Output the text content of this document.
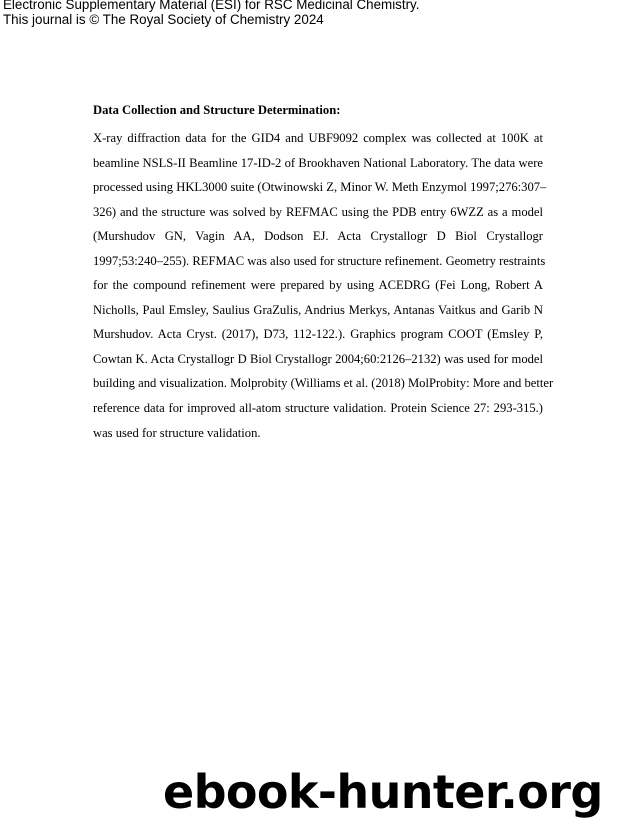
Electronic Supplementary Material (ESI) for RSC Medicinal Chemistry.
This journal is © The Royal Society of Chemistry 2024
Data Collection and Structure Determination:
X-ray diffraction data for the GID4 and UBF9092 complex was collected at 100K at
beamline NSLS-II Beamline 17-ID-2 of Brookhaven National Laboratory. The data were
processed using HKL3000 suite (Otwinowski Z, Minor W. Meth Enzymol 1997;276:307–
326) and the structure was solved by REFMAC using the PDB entry 6WZZ as a model
(Murshudov GN, Vagin AA, Dodson EJ. Acta Crystallogr D Biol Crystallogr
1997;53:240–255). REFMAC was also used for structure refinement. Geometry restraints
for the compound refinement were prepared by using ACEDRG (Fei Long, Robert A
Nicholls, Paul Emsley, Saulius GraZulis, Andrius Merkys, Antanas Vaitkus and Garib N
Murshudov. Acta Cryst. (2017), D73, 112-122.). Graphics program COOT (Emsley P,
Cowtan K. Acta Crystallogr D Biol Crystallogr 2004;60:2126–2132) was used for model
building and visualization. Molprobity (Williams et al. (2018) MolProbity: More and better
reference data for improved all-atom structure validation. Protein Science 27: 293-315.)
was used for structure validation.
ebook-hunter.org
